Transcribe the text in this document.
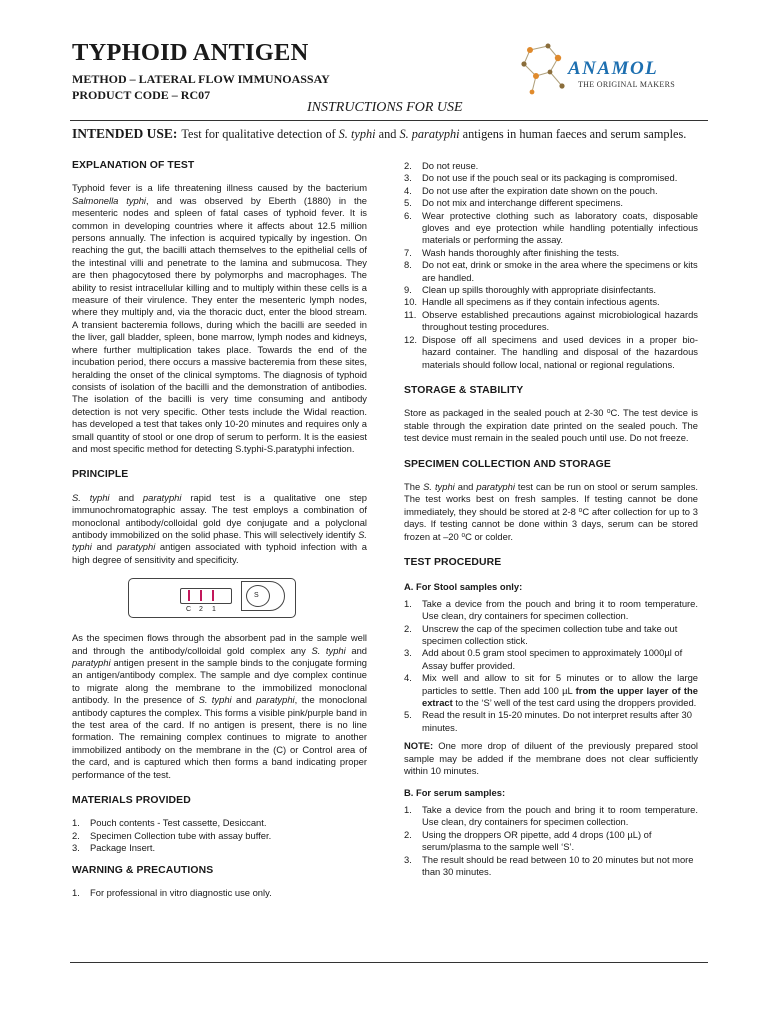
TYPHOID ANTIGEN
METHOD – LATERAL FLOW IMMUNOASSAY
PRODUCT CODE – RC07
INSTRUCTIONS FOR USE
ANAMOL
THE ORIGINAL MAKERS
INTENDED USE: Test for qualitative detection of S. typhi and S. paratyphi antigens in human faeces and serum samples.
EXPLANATION OF TEST

Typhoid fever is a life threatening illness caused by the bacterium Salmonella typhi, and was observed by Eberth (1880) in the mesenteric nodes and spleen of fatal cases of typhoid fever. It is common in developing countries where it affects about 12.5 million persons annually. The infection is acquired typically by ingestion. On reaching the gut, the bacilli attach themselves to the epithelial cells of the intestinal villi and penetrate to the lamina and submucosa. They are then phagocytosed there by polymorphs and macrophages. The ability to resist intracellular killing and to multiply within these cells is a measure of their virulence. They enter the mesenteric lymph nodes, where they multiply and, via the thoracic duct, enter the blood stream. A transient bacteremia follows, during which the bacilli are seeded in the liver, gall bladder, spleen, bone marrow, lymph nodes and kidneys, where further multiplication takes place. Towards the end of the incubation period, there occurs a massive bacteremia from these sites, heralding the onset of the clinical symptoms. The diagnosis of typhoid consists of isolation of the bacilli and the demonstration of antibodies. The isolation of the bacilli is very time consuming and antibody detection is not very specific. Other tests include the Widal reaction. has developed a test that takes only 10-20 minutes and requires only a small quantity of stool or one drop of serum to perform. It is the easiest and most specific method for detecting S.typhi-S.paratyphi infection.

PRINCIPLE

S. typhi and paratyphi rapid test is a qualitative one step immunochromatographic assay. The test employs a combination of monoclonal antibody/colloidal gold dye conjugate and a polyclonal antibody immobilized on the solid phase. This will selectively identify S. typhi and paratyphi antigen associated with typhoid infection with a high degree of sensitivity and specificity.

C 2 1
S

As the specimen flows through the absorbent pad in the sample well and through the antibody/colloidal gold complex any S. typhi and paratyphi antigen present in the sample binds to the conjugate forming an antigen/antibody complex. The sample and dye complex continue to migrate along the membrane to the immobilized monoclonal antibody. In the presence of S. typhi and paratyphi, the monoclonal antibody captures the complex. This forms a visible pink/purple band in the test area of the card. If no antigen is present, there is no line formation. The remaining complex continues to migrate to another immobilized antibody on the membrane in the (C) or Control area of the card, and is captured which then forms a band indicating proper performance of the test.

MATERIALS PROVIDED
1. Pouch contents - Test cassette, Desiccant.
2. Specimen Collection tube with assay buffer.
3. Package Insert.
WARNING & PRECAUTIONS
1. For professional in vitro diagnostic use only.
2. Do not reuse.
3. Do not use if the pouch seal or its packaging is compromised.
4. Do not use after the expiration date shown on the pouch.
5. Do not mix and interchange different specimens.
6. Wear protective clothing such as laboratory coats, disposable gloves and eye protection while handling potentially infectious materials or performing the assay.
7. Wash hands thoroughly after finishing the tests.
8. Do not eat, drink or smoke in the area where the specimens or kits are handled.
9. Clean up spills thoroughly with appropriate disinfectants.
10. Handle all specimens as if they contain infectious agents.
11. Observe established precautions against microbiological hazards throughout testing procedures.
12. Dispose off all specimens and used devices in a proper bio-hazard container. The handling and disposal of the hazardous materials should follow local, national or regional regulations.
STORAGE & STABILITY

Store as packaged in the sealed pouch at 2-30 ⁰C. The test device is stable through the expiration date printed on the sealed pouch. The test device must remain in the sealed pouch until use. Do not freeze.

SPECIMEN COLLECTION AND STORAGE

The S. typhi and paratyphi test can be run on stool or serum samples. The test works best on fresh samples. If testing cannot be done immediately, they should be stored at 2-8 ⁰C after collection for up to 3 days. If testing cannot be done within 3 days, serum can be stored frozen at –20 ⁰C or colder.

TEST PROCEDURE
A. For Stool samples only:
1. Take a device from the pouch and bring it to room temperature. Use clean, dry containers for specimen collection.
2. Unscrew the cap of the specimen collection tube and take out specimen collection stick.
3. Add about 0.5 gram stool specimen to approximately 1000µl of Assay buffer provided.
4. Mix well and allow to sit for 5 minutes or to allow the large particles to settle. Then add 100 µL from the upper layer of the extract to the ‘S’ well of the test card using the droppers provided.
5. Read the result in 15-20 minutes. Do not interpret results after 30 minutes.

NOTE: One more drop of diluent of the previously prepared stool sample may be added if the membrane does not clear sufficiently within 10 minutes.

B. For serum samples:
1. Take a device from the pouch and bring it to room temperature. Use clean, dry containers for specimen collection.
2. Using the droppers OR pipette, add 4 drops (100 µL) of serum/plasma to the sample well ‘S’.
3. The result should be read between 10 to 20 minutes but not more than 30 minutes.
